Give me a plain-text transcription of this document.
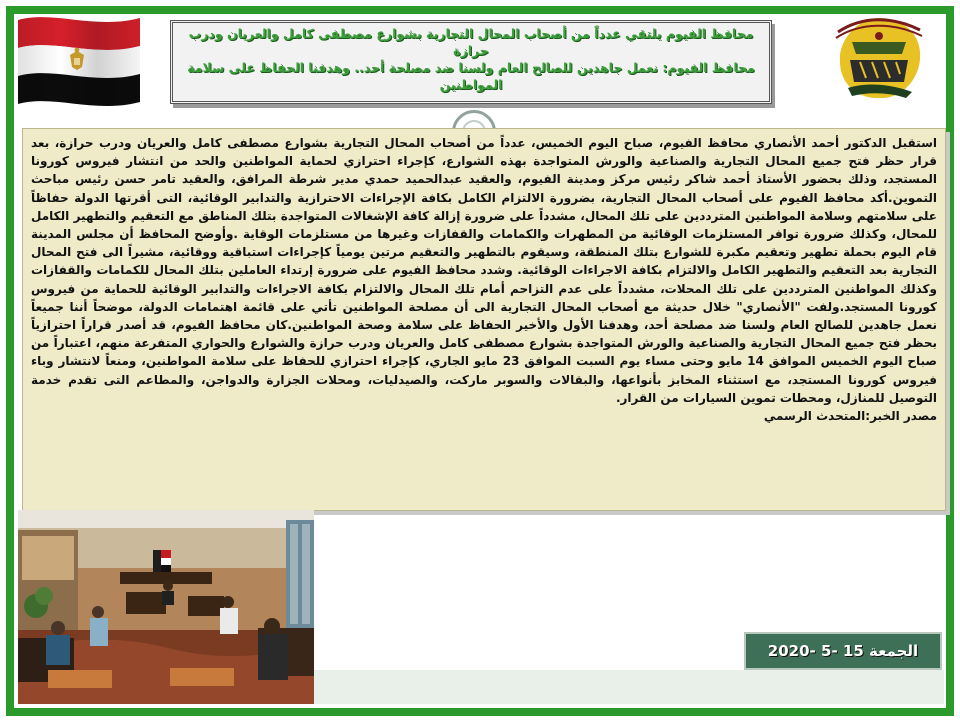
محافظ الفيوم يلتقي عدداً من أصحاب المحال التجارية بشوارع مصطفى كامل والعريان ودرب حرازة

محافظ الفيوم: نعمل جاهدين للصالح العام ولسنا ضد مصلحة أحد.. وهدفنا الحفاظ على سلامة المواطنين

استقبل الدكتور أحمد الأنصاري محافظ الفيوم، صباح اليوم الخميس، عدداً من أصحاب المحال التجارية بشوارع مصطفى كامل والعريان ودرب حرازة، بعد قرار حظر فتح جميع المحال التجارية والصناعية والورش المتواجدة بهذه الشوارع، كإجراء احترازي لحماية المواطنين والحد من انتشار فيروس كورونا المستجد، وذلك بحضور الأستاذ أحمد شاكر رئيس مركز ومدينة الفيوم، والعقيد عبدالحميد حمدي مدير شرطة المرافق، والعقيد تامر حسن رئيس مباحث التموين.أكد محافظ الفيوم على أصحاب المحال التجارية، بضرورة الالتزام الكامل بكافة الإجراءات الاحترازية والتدابير الوقائية، التى أقرتها الدولة حفاظاً على سلامتهم وسلامة المواطنين المترددين على تلك المحال، مشدداً على ضرورة إزالة كافة الإشغالات المتواجدة بتلك المناطق مع التعقيم والتطهير الكامل للمحال، وكذلك ضرورة توافر المستلزمات الوقائية من المطهرات والكمامات والقفازات وغيرها من مستلزمات الوقاية .وأوضح المحافظ أن مجلس المدينة قام اليوم بحملة تطهير وتعقيم مكبرة للشوارع بتلك المنطقة، وسيقوم بالتطهير والتعقيم مرتين يومياً كإجراءات استباقية ووقائية، مشيراً الى فتح المحال التجارية بعد التعقيم والتطهير الكامل والالتزام بكافة الاجراءات الوقائية. وشدد محافظ الفيوم على ضرورة إرتداء العاملين بتلك المحال للكمامات والقفازات وكذلك المواطنين المترددين على تلك المحلات، مشدداً على عدم التزاحم أمام تلك المحال والالتزام بكافة الاجراءات والتدابير الوقائية للحماية من فيروس كورونا المستجد.ولفت "الأنصاري" خلال حديثة مع أصحاب المحال التجارية الى أن مصلحة المواطنين تأتي على قائمة اهتمامات الدولة، موضحاً أننا جميعاً نعمل جاهدين للصالح العام ولسنا ضد مصلحة أحد، وهدفنا الأول والأخير الحفاظ على سلامة وصحة المواطنين.كان محافظ الفيوم، قد أصدر قراراً احترازياً بحظر فتح جميع المحال التجارية والصناعية والورش المتواجدة بشوارع مصطفى كامل والعريان ودرب حرازة والشوارع والحواري المتفرعة منهم، اعتباراً من صباح اليوم الخميس الموافق 14 مايو وحتى مساء يوم السبت الموافق 23 مايو الجاري، كإجراء احترازي للحفاظ على سلامة المواطنين، ومنعاً لانتشار وباء فيروس كورونا المستجد، مع استثناء المخابز بأنواعها، والبقالات والسوبر ماركت، والصيدليات، ومحلات الجزارة والدواجن، والمطاعم التى تقدم خدمة التوصيل للمنازل، ومحطات تموين السيارات من القرار.

مصدر الخبر:المتحدث الرسمي

الجمعة 15 -5 -2020
